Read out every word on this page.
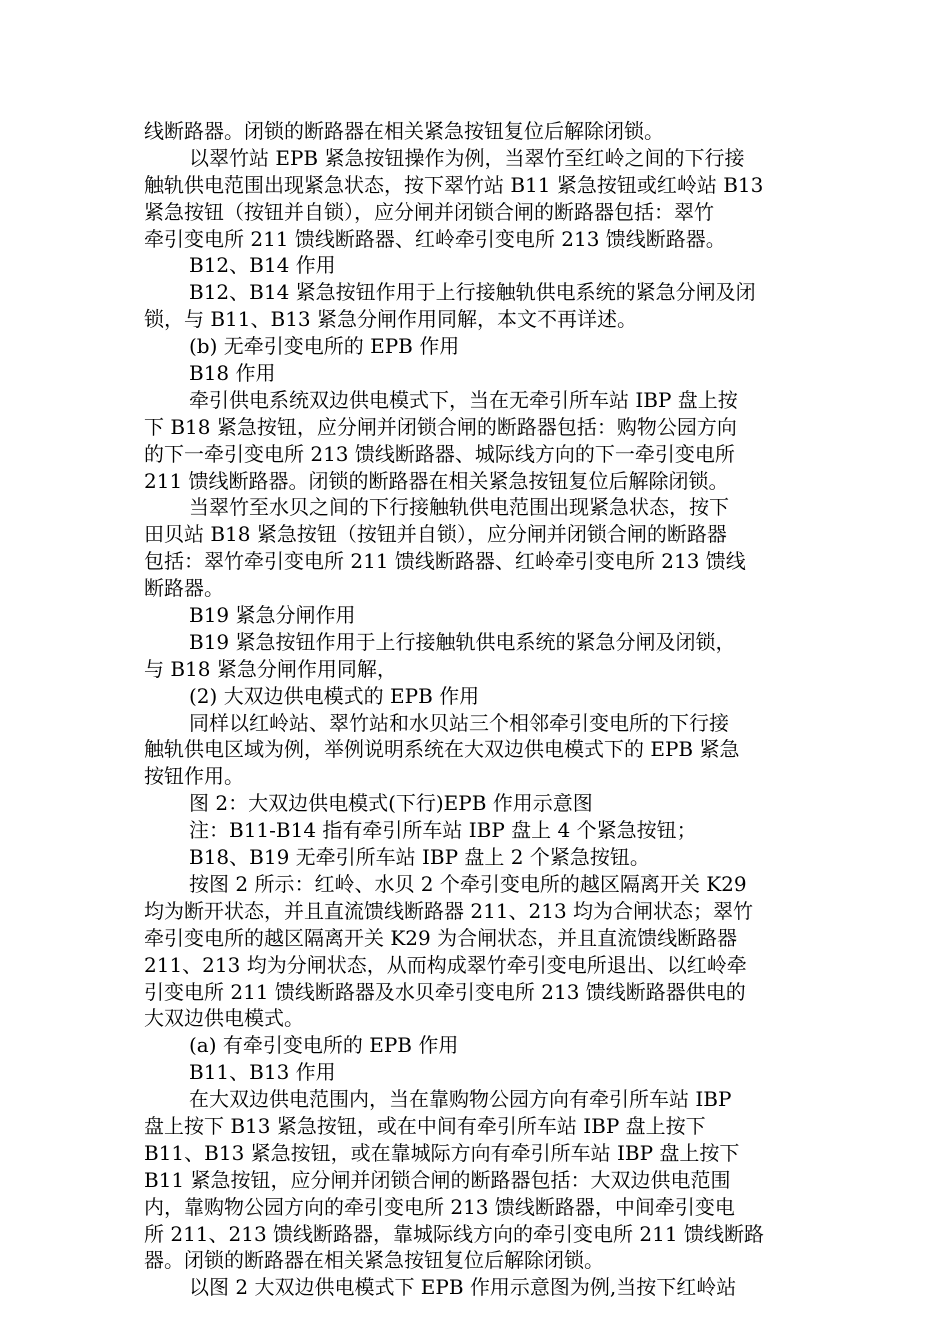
线断路器。闭锁的断路器在相关紧急按钮复位后解除闭锁。
以翠竹站 EPB 紧急按钮操作为例，当翠竹至红岭之间的下行接
触轨供电范围出现紧急状态，按下翠竹站 B11 紧急按钮或红岭站 B13
紧急按钮（按钮并自锁），应分闸并闭锁合闸的断路器包括：翠竹
牵引变电所 211 馈线断路器、红岭牵引变电所 213 馈线断路器。
B12、B14 作用
B12、B14 紧急按钮作用于上行接触轨供电系统的紧急分闸及闭
锁，与 B11、B13 紧急分闸作用同解，本文不再详述。
(b) 无牵引变电所的 EPB 作用
B18 作用
牵引供电系统双边供电模式下，当在无牵引所车站 IBP 盘上按
下 B18 紧急按钮，应分闸并闭锁合闸的断路器包括：购物公园方向
的下一牵引变电所 213 馈线断路器、城际线方向的下一牵引变电所
211 馈线断路器。闭锁的断路器在相关紧急按钮复位后解除闭锁。
当翠竹至水贝之间的下行接触轨供电范围出现紧急状态，按下
田贝站 B18 紧急按钮（按钮并自锁），应分闸并闭锁合闸的断路器
包括：翠竹牵引变电所 211 馈线断路器、红岭牵引变电所 213 馈线
断路器。
B19 紧急分闸作用
B19 紧急按钮作用于上行接触轨供电系统的紧急分闸及闭锁，
与 B18 紧急分闸作用同解，
(2) 大双边供电模式的 EPB 作用
同样以红岭站、翠竹站和水贝站三个相邻牵引变电所的下行接
触轨供电区域为例，举例说明系统在大双边供电模式下的 EPB 紧急
按钮作用。
图 2：大双边供电模式(下行)EPB 作用示意图
注：B11-B14 指有牵引所车站 IBP 盘上 4 个紧急按钮；
B18、B19 无牵引所车站 IBP 盘上 2 个紧急按钮。
按图 2 所示：红岭、水贝 2 个牵引变电所的越区隔离开关 K29
均为断开状态，并且直流馈线断路器 211、213 均为合闸状态；翠竹
牵引变电所的越区隔离开关 K29 为合闸状态，并且直流馈线断路器
211、213 均为分闸状态，从而构成翠竹牵引变电所退出、以红岭牵
引变电所 211 馈线断路器及水贝牵引变电所 213 馈线断路器供电的
大双边供电模式。
(a) 有牵引变电所的 EPB 作用
B11、B13 作用
在大双边供电范围内，当在靠购物公园方向有牵引所车站 IBP
盘上按下 B13 紧急按钮，或在中间有牵引所车站 IBP 盘上按下
B11、B13 紧急按钮，或在靠城际方向有牵引所车站 IBP 盘上按下
B11 紧急按钮，应分闸并闭锁合闸的断路器包括：大双边供电范围
内，靠购物公园方向的牵引变电所 213 馈线断路器，中间牵引变电
所 211、213 馈线断路器，靠城际线方向的牵引变电所 211 馈线断路
器。闭锁的断路器在相关紧急按钮复位后解除闭锁。
以图 2 大双边供电模式下 EPB 作用示意图为例,当按下红岭站
